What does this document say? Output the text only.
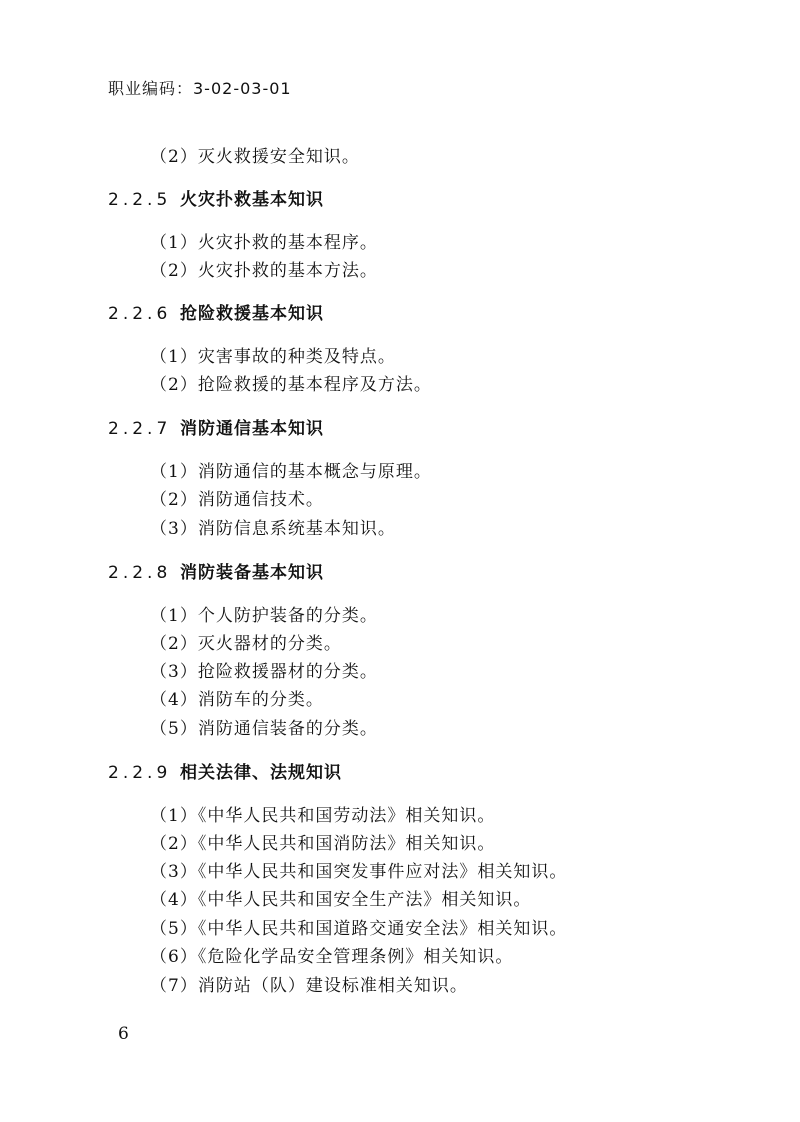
职业编码：3-02-03-01
（2）灭火救援安全知识。
2.2.5 火灾扑救基本知识
（1）火灾扑救的基本程序。
（2）火灾扑救的基本方法。
2.2.6 抢险救援基本知识
（1）灾害事故的种类及特点。
（2）抢险救援的基本程序及方法。
2.2.7 消防通信基本知识
（1）消防通信的基本概念与原理。
（2）消防通信技术。
（3）消防信息系统基本知识。
2.2.8 消防装备基本知识
（1）个人防护装备的分类。
（2）灭火器材的分类。
（3）抢险救援器材的分类。
（4）消防车的分类。
（5）消防通信装备的分类。
2.2.9 相关法律、法规知识
（1）《中华人民共和国劳动法》相关知识。
（2）《中华人民共和国消防法》相关知识。
（3）《中华人民共和国突发事件应对法》相关知识。
（4）《中华人民共和国安全生产法》相关知识。
（5）《中华人民共和国道路交通安全法》相关知识。
（6）《危险化学品安全管理条例》相关知识。
（7）消防站（队）建设标准相关知识。
6
